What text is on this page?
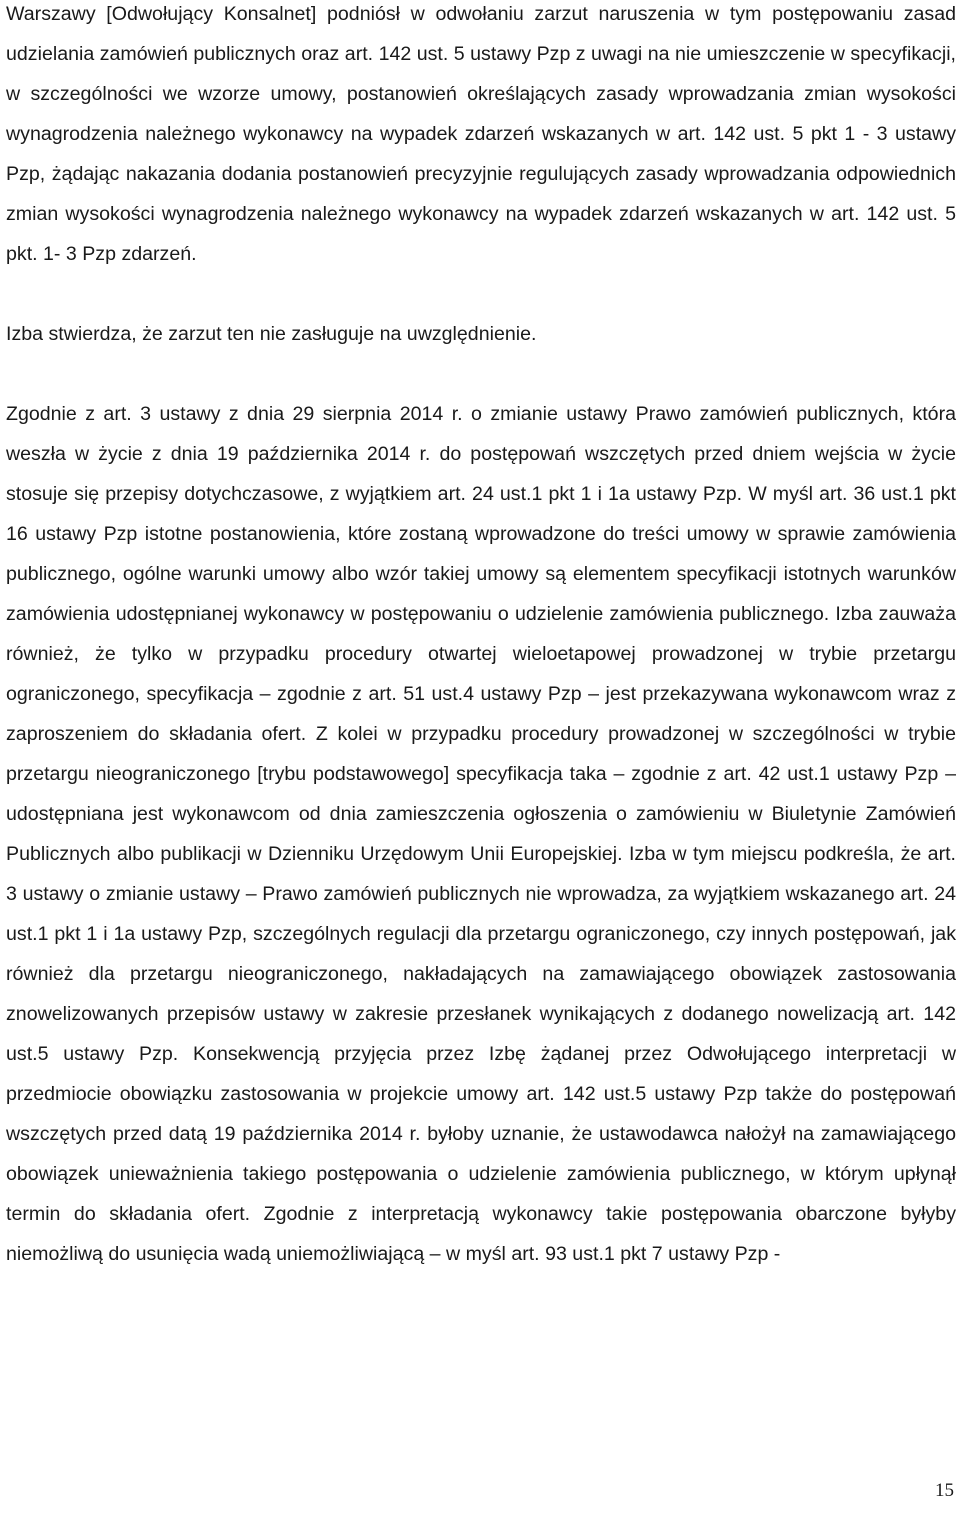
Warszawy [Odwołujący Konsalnet] podniósł w odwołaniu zarzut naruszenia w tym postępowaniu zasad udzielania zamówień publicznych oraz art. 142 ust. 5 ustawy Pzp z uwagi na nie umieszczenie w specyfikacji, w szczególności we wzorze umowy, postanowień określających zasady wprowadzania zmian wysokości wynagrodzenia należnego wykonawcy na wypadek zdarzeń wskazanych w art. 142 ust. 5 pkt 1 - 3 ustawy Pzp, żądając nakazania dodania postanowień precyzyjnie regulujących zasady wprowadzania odpowiednich zmian wysokości wynagrodzenia należnego wykonawcy na wypadek zdarzeń wskazanych w art. 142 ust. 5 pkt. 1- 3 Pzp zdarzeń.

Izba stwierdza, że zarzut ten nie zasługuje na uwzględnienie.

Zgodnie z art. 3 ustawy z dnia 29 sierpnia 2014 r. o zmianie ustawy Prawo zamówień publicznych, która weszła w życie z dnia 19 października 2014 r. do postępowań wszczętych przed dniem wejścia w życie stosuje się przepisy dotychczasowe, z wyjątkiem art. 24 ust.1 pkt 1 i 1a ustawy Pzp. W myśl art. 36 ust.1 pkt 16 ustawy Pzp istotne postanowienia, które zostaną wprowadzone do treści umowy w sprawie zamówienia publicznego, ogólne warunki umowy albo wzór takiej umowy są elementem specyfikacji istotnych warunków zamówienia udostępnianej wykonawcy w postępowaniu o udzielenie zamówienia publicznego. Izba zauważa również, że tylko w przypadku procedury otwartej wieloetapowej prowadzonej w trybie przetargu ograniczonego, specyfikacja – zgodnie z art. 51 ust.4 ustawy Pzp – jest przekazywana wykonawcom wraz z zaproszeniem do składania ofert. Z kolei w przypadku procedury prowadzonej w szczególności w trybie przetargu nieograniczonego [trybu podstawowego] specyfikacja taka – zgodnie z art. 42 ust.1 ustawy Pzp – udostępniana jest wykonawcom od dnia zamieszczenia ogłoszenia o zamówieniu w Biuletynie Zamówień Publicznych albo publikacji w Dzienniku Urzędowym Unii Europejskiej. Izba w tym miejscu podkreśla, że art. 3 ustawy o zmianie ustawy – Prawo zamówień publicznych nie wprowadza, za wyjątkiem wskazanego art. 24 ust.1 pkt 1 i 1a ustawy Pzp, szczególnych regulacji dla przetargu ograniczonego, czy innych postępowań, jak również dla przetargu nieograniczonego, nakładających na zamawiającego obowiązek zastosowania znowelizowanych przepisów ustawy w zakresie przesłanek wynikających z dodanego nowelizacją art. 142 ust.5 ustawy Pzp. Konsekwencją przyjęcia przez Izbę żądanej przez Odwołującego interpretacji w przedmiocie obowiązku zastosowania w projekcie umowy art. 142 ust.5 ustawy Pzp także do postępowań wszczętych przed datą 19 października 2014 r. byłoby uznanie, że ustawodawca nałożył na zamawiającego obowiązek unieważnienia takiego postępowania o udzielenie zamówienia publicznego, w którym upłynął termin do składania ofert. Zgodnie z interpretacją wykonawcy takie postępowania obarczone byłyby niemożliwą do usunięcia wadą uniemożliwiającą – w myśl art. 93 ust.1 pkt 7 ustawy Pzp -

15
